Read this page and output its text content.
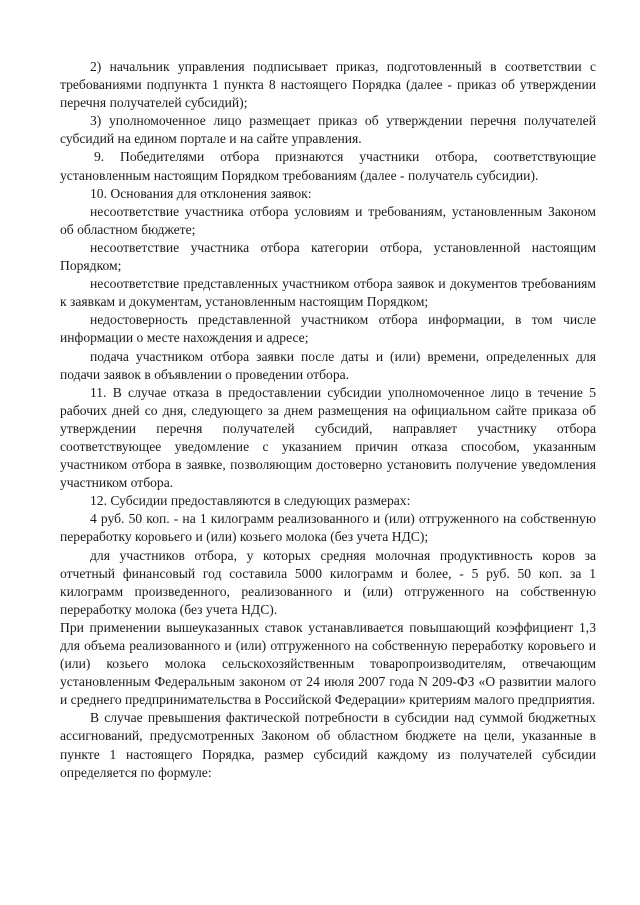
2) начальник управления подписывает приказ, подготовленный в соответствии с требованиями подпункта 1 пункта 8 настоящего Порядка (далее - приказ об утверждении перечня получателей субсидий);

3) уполномоченное лицо размещает приказ об утверждении перечня получателей субсидий на едином портале и на сайте управления.

9. Победителями отбора признаются участники отбора, соответствующие установленным настоящим Порядком требованиям (далее - получатель субсидии).

10. Основания для отклонения заявок:

несоответствие участника отбора условиям и требованиям, установленным Законом об областном бюджете;

несоответствие участника отбора категории отбора, установленной настоящим Порядком;

несоответствие представленных участником отбора заявок и документов требованиям к заявкам и документам, установленным настоящим Порядком;

недостоверность представленной участником отбора информации, в том числе информации о месте нахождения и адресе;

подача участником отбора заявки после даты и (или) времени, определенных для подачи заявок в объявлении о проведении отбора.

11. В случае отказа в предоставлении субсидии уполномоченное лицо в течение 5 рабочих дней со дня, следующего за днем размещения на официальном сайте приказа об утверждении перечня получателей субсидий, направляет участнику отбора соответствующее уведомление с указанием причин отказа способом, указанным участником отбора в заявке, позволяющим достоверно установить получение уведомления участником отбора.

12. Субсидии предоставляются в следующих размерах:

4 руб. 50 коп. - на 1 килограмм реализованного и (или) отгруженного на собственную переработку коровьего и (или) козьего молока (без учета НДС);

для участников отбора, у которых средняя молочная продуктивность коров за отчетный финансовый год составила 5000 килограмм и более, - 5 руб. 50 коп. за 1 килограмм произведенного, реализованного и (или) отгруженного на собственную переработку молока (без учета НДС).

При применении вышеуказанных ставок устанавливается повышающий коэффициент 1,3 для объема реализованного и (или) отгруженного на собственную переработку коровьего и (или) козьего молока сельскохозяйственным товаропроизводителям, отвечающим установленным Федеральным законом от 24 июля 2007 года N 209-ФЗ «О развитии малого и среднего предпринимательства в Российской Федерации» критериям малого предприятия.

В случае превышения фактической потребности в субсидии над суммой бюджетных ассигнований, предусмотренных Законом об областном бюджете на цели, указанные в пункте 1 настоящего Порядка, размер субсидий каждому из получателей субсидии определяется по формуле:
